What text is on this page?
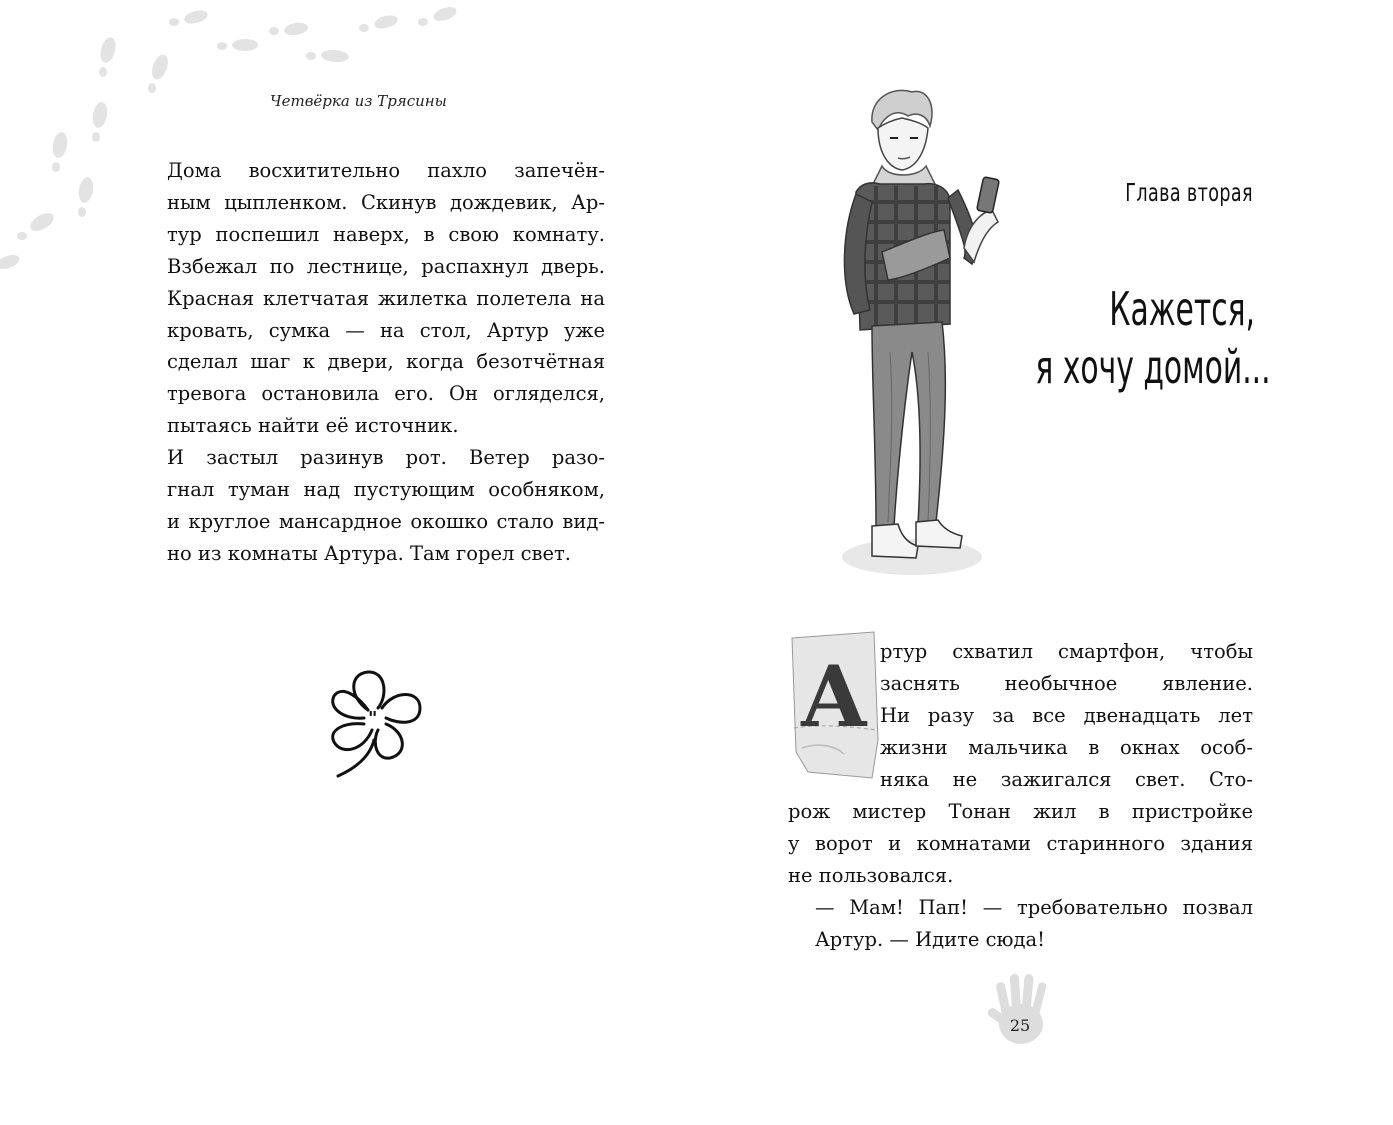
Четвёрка из Трясины

Дома восхитительно пахло запечён-
ным цыпленком. Скинув дождевик, Ар-
тур поспешил наверх, в свою комнату.
Взбежал по лестнице, распахнул дверь.
Красная клетчатая жилетка полетела на
кровать, сумка — на стол, Артур уже
сделал шаг к двери, когда безотчётная
тревога остановила его. Он огляделся,
пытаясь найти её источник.

И застыл разинув рот. Ветер разо-
гнал туман над пустующим особняком,
и круглое мансардное окошко стало вид-
но из комнаты Артура. Там горел свет.

"
Глава вторая
Кажется,
я хочу домой...
А ртур схватил смартфон, чтобы
заснять необычное явление.
Ни разу за все двенадцать лет
жизни мальчика в окнах особ-
няка не зажигался свет. Сто-

рож мистер Тонан жил в пристройке
у ворот и комнатами старинного здания
не пользовался.

— Мам! Пап! — требовательно позвал
Артур. — Идите сюда!

25
